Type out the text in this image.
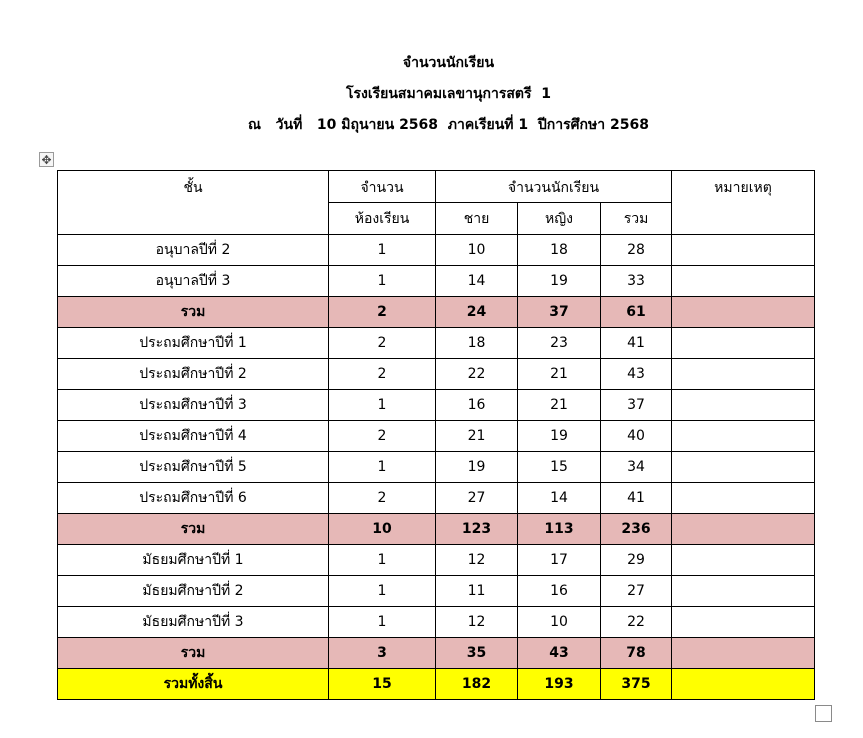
จำนวนนักเรียน
โรงเรียนสมาคมเลขานุการสตรี  1
ณ   วันที่   10 มิถุนายน 2568  ภาคเรียนที่ 1  ปีการศึกษา 2568
✥
ชั้น	จำนวน	จำนวนนักเรียน			หมายเหตุ
	ห้องเรียน	ชาย	หญิง	รวม	
อนุบาลปีที่ 2	1	10	18	28	
อนุบาลปีที่ 3	1	14	19	33	
รวม	2	24	37	61	
ประถมศึกษาปีที่ 1	2	18	23	41	
ประถมศึกษาปีที่ 2	2	22	21	43	
ประถมศึกษาปีที่ 3	1	16	21	37	
ประถมศึกษาปีที่ 4	2	21	19	40	
ประถมศึกษาปีที่ 5	1	19	15	34	
ประถมศึกษาปีที่ 6	2	27	14	41	
รวม	10	123	113	236	
มัธยมศึกษาปีที่ 1	1	12	17	29	
มัธยมศึกษาปีที่ 2	1	11	16	27	
มัธยมศึกษาปีที่ 3	1	12	10	22	
รวม	3	35	43	78	
รวมทั้งสิ้น	15	182	193	375	
